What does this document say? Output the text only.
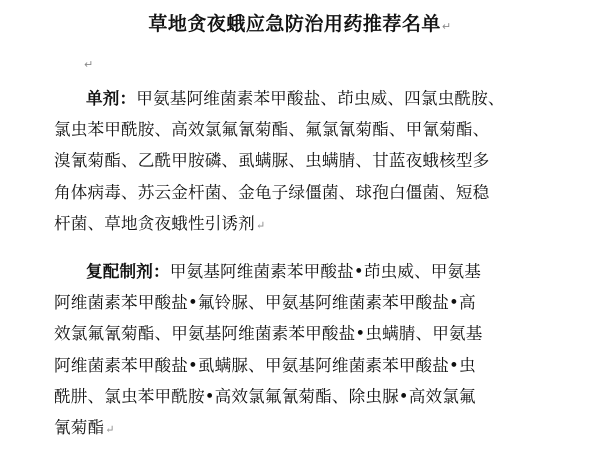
草地贪夜蛾应急防治用药推荐名单↵
↵
单剂：甲氨基阿维菌素苯甲酸盐、茚虫威、四氯虫酰胺、
氯虫苯甲酰胺、高效氯氟氰菊酯、氟氯氰菊酯、甲氰菊酯、
溴氰菊酯、乙酰甲胺磷、虱螨脲、虫螨腈、甘蓝夜蛾核型多
角体病毒、苏云金杆菌、金龟子绿僵菌、球孢白僵菌、短稳
杆菌、草地贪夜蛾性引诱剂↵
复配制剂：甲氨基阿维菌素苯甲酸盐•茚虫威、甲氨基
阿维菌素苯甲酸盐•氟铃脲、甲氨基阿维菌素苯甲酸盐•高
效氯氟氰菊酯、甲氨基阿维菌素苯甲酸盐•虫螨腈、甲氨基
阿维菌素苯甲酸盐•虱螨脲、甲氨基阿维菌素苯甲酸盐•虫
酰肼、氯虫苯甲酰胺•高效氯氟氰菊酯、除虫脲•高效氯氟
氰菊酯↵
